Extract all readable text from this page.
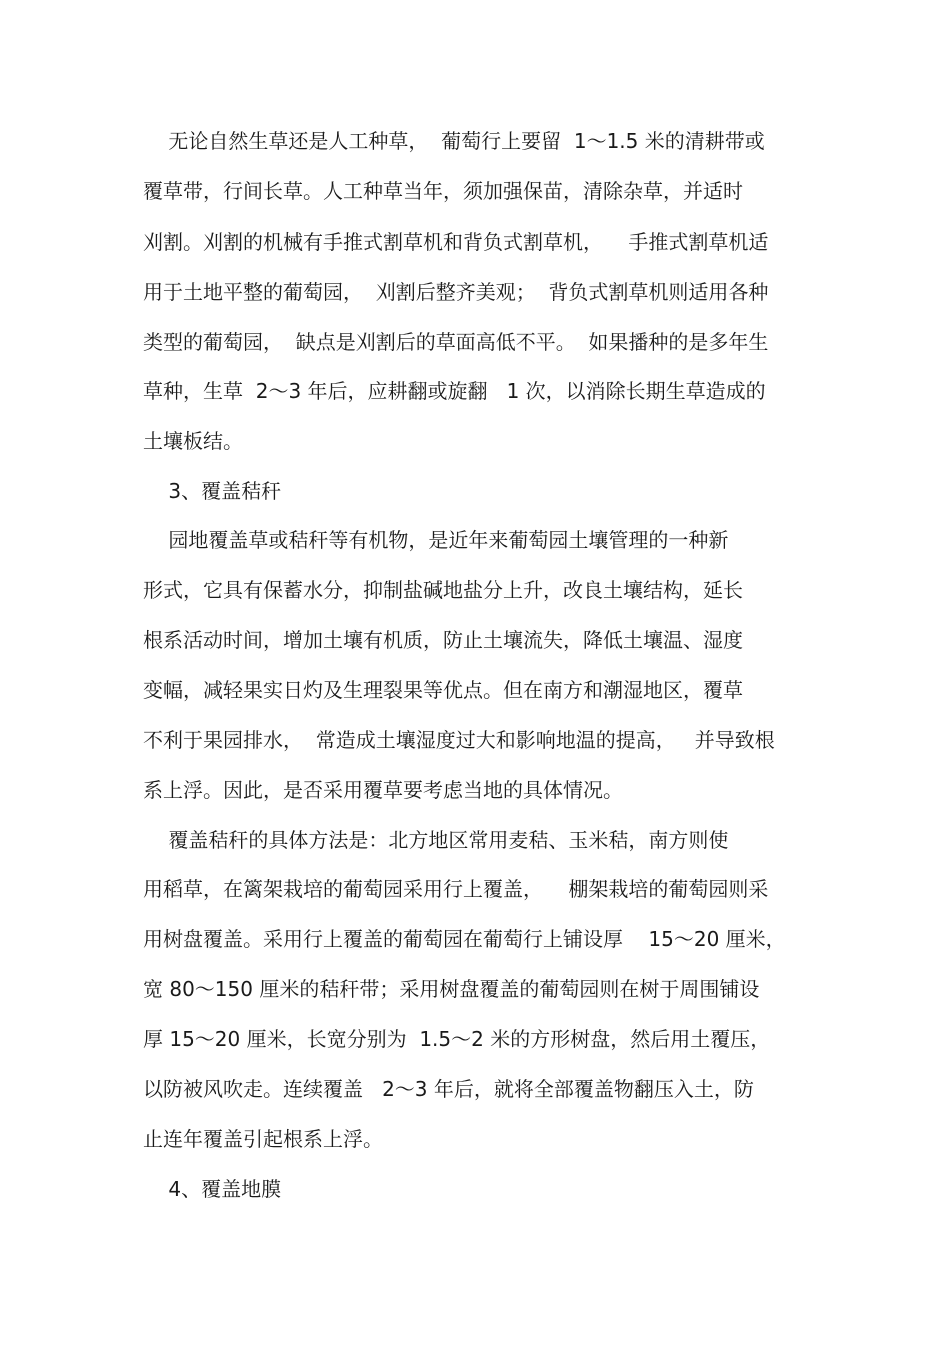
无论自然生草还是人工种草，  葡萄行上要留  1～1.5 米的清耕带或

覆草带，行间长草。人工种草当年，须加强保苗，清除杂草，并适时

刈割。刈割的机械有手推式割草机和背负式割草机，    手推式割草机适

用于土地平整的葡萄园，  刈割后整齐美观；  背负式割草机则适用各种

类型的葡萄园，  缺点是刈割后的草面高低不平。  如果播种的是多年生

草种，生草  2～3 年后，应耕翻或旋翻   1 次，以消除长期生草造成的

土壤板结。

3、覆盖秸秆

园地覆盖草或秸秆等有机物，是近年来葡萄园土壤管理的一种新

形式，它具有保蓄水分，抑制盐碱地盐分上升，改良土壤结构，延长

根系活动时间，增加土壤有机质，防止土壤流失，降低土壤温、湿度

变幅，减轻果实日灼及生理裂果等优点。但在南方和潮湿地区，覆草

不利于果园排水，  常造成土壤湿度过大和影响地温的提高，   并导致根

系上浮。因此，是否采用覆草要考虑当地的具体情况。

覆盖秸秆的具体方法是：北方地区常用麦秸、玉米秸，南方则使

用稻草，在篱架栽培的葡萄园采用行上覆盖，    棚架栽培的葡萄园则采

用树盘覆盖。采用行上覆盖的葡萄园在葡萄行上铺设厚    15～20 厘米，

宽 80～150 厘米的秸秆带；采用树盘覆盖的葡萄园则在树于周围铺设

厚 15～20 厘米，长宽分别为  1.5～2 米的方形树盘，然后用土覆压，

以防被风吹走。连续覆盖   2～3 年后，就将全部覆盖物翻压入土，防

止连年覆盖引起根系上浮。

4、覆盖地膜
